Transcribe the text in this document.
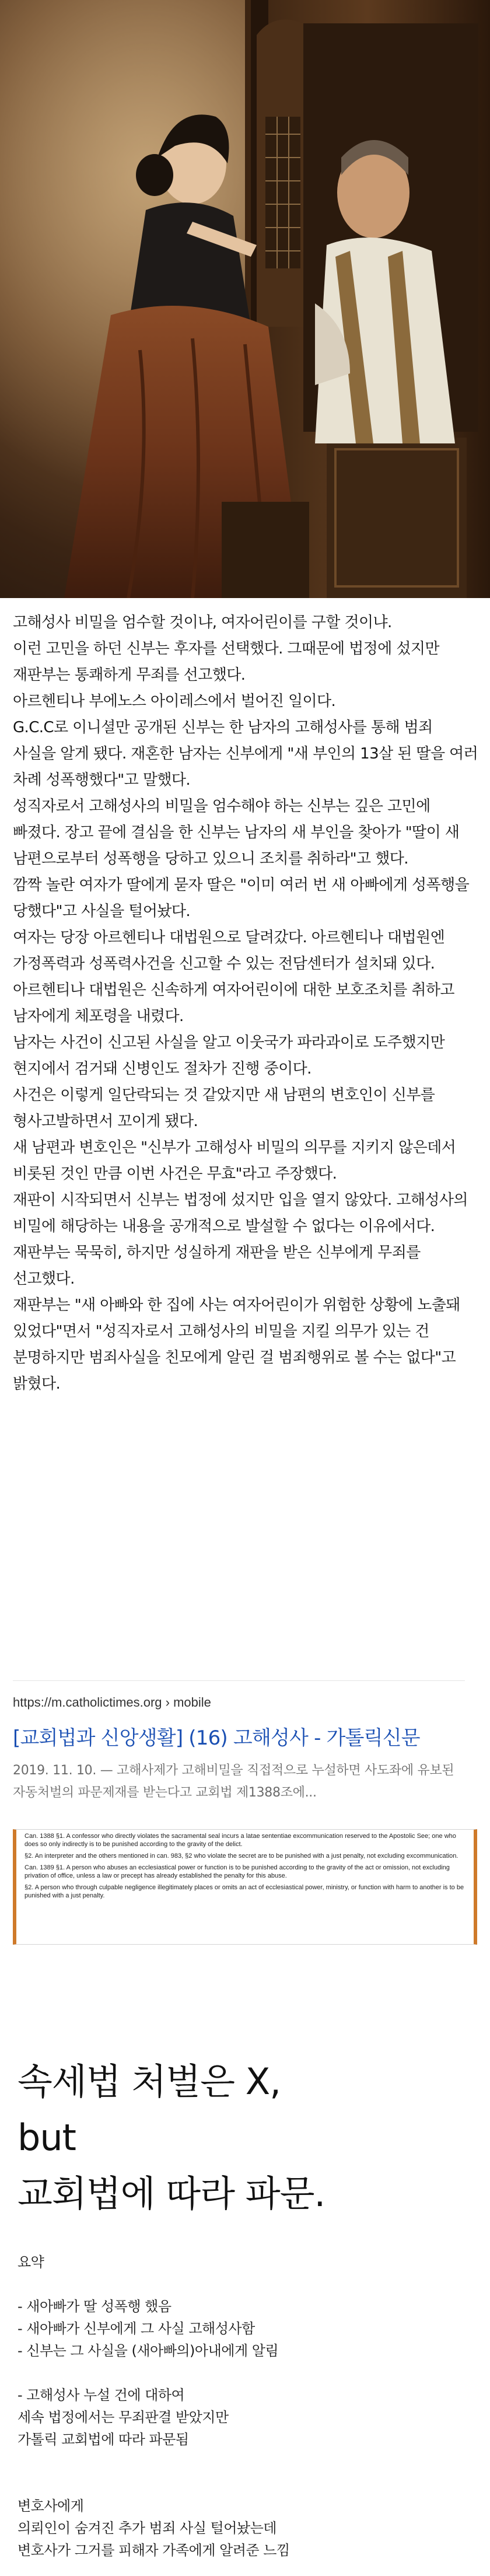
고해성사 비밀을 엄수할 것이냐, 여자어린이를 구할 것이냐.

이런 고민을 하던 신부는 후자를 선택했다. 그때문에 법정에 섰지만 재판부는 통쾌하게 무죄를 선고했다.

아르헨티나 부에노스 아이레스에서 벌어진 일이다.

G.C.C로 이니셜만 공개된 신부는 한 남자의 고해성사를 통해 범죄 사실을 알게 됐다. 재혼한 남자는 신부에게 "새 부인의 13살 된 딸을 여러 차례 성폭행했다"고 말했다.

성직자로서 고해성사의 비밀을 엄수해야 하는 신부는 깊은 고민에 빠졌다. 장고 끝에 결심을 한 신부는 남자의 새 부인을 찾아가 "딸이 새 남편으로부터 성폭행을 당하고 있으니 조치를 취하라"고 했다.

깜짝 놀란 여자가 딸에게 묻자 딸은 "이미 여러 번 새 아빠에게 성폭행을 당했다"고 사실을 털어놨다.

여자는 당장 아르헨티나 대법원으로 달려갔다. 아르헨티나 대법원엔 가정폭력과 성폭력사건을 신고할 수 있는 전담센터가 설치돼 있다.

아르헨티나 대법원은 신속하게 여자어린이에 대한 보호조치를 취하고 남자에게 체포령을 내렸다.

남자는 사건이 신고된 사실을 알고 이웃국가 파라과이로 도주했지만 현지에서 검거돼 신병인도 절차가 진행 중이다.

사건은 이렇게 일단락되는 것 같았지만 새 남편의 변호인이 신부를 형사고발하면서 꼬이게 됐다.

새 남편과 변호인은 "신부가 고해성사 비밀의 의무를 지키지 않은데서 비롯된 것인 만큼 이번 사건은 무효"라고 주장했다.

재판이 시작되면서 신부는 법정에 섰지만 입을 열지 않았다. 고해성사의 비밀에 해당하는 내용을 공개적으로 발설할 수 없다는 이유에서다.

재판부는 묵묵히, 하지만 성실하게 재판을 받은 신부에게 무죄를 선고했다.

재판부는 "새 아빠와 한 집에 사는 여자어린이가 위험한 상황에 노출돼 있었다"면서 "성직자로서 고해성사의 비밀을 지킬 의무가 있는 건 분명하지만 범죄사실을 친모에게 알린 걸 범죄행위로 볼 수는 없다"고 밝혔다.

https://m.catholictimes.org › mobile
[교회법과 신앙생활] (16) 고해성사 - 가톨릭신문
2019. 11. 10. — 고해사제가 고해비밀을 직접적으로 누설하면 사도좌에 유보된 자동처벌의 파문제재를 받는다고 교회법 제1388조에...

Can. 1388 §1. A confessor who directly violates the sacramental seal incurs a latae sententiae excommunication reserved to the Apostolic See; one who does so only indirectly is to be punished according to the gravity of the delict.

§2. An interpreter and the others mentioned in can. 983, §2 who violate the secret are to be punished with a just penalty, not excluding excommunication.

Can. 1389 §1. A person who abuses an ecclesiastical power or function is to be punished according to the gravity of the act or omission, not excluding privation of office, unless a law or precept has already established the penalty for this abuse.

§2. A person who through culpable negligence illegitimately places or omits an act of ecclesiastical power, ministry, or function with harm to another is to be punished with a just penalty.

속세법 처벌은 X,
but
교회법에 따라 파문.
요약
- 새아빠가 딸 성폭행 했음
- 새아빠가 신부에게 그 사실 고해성사함
- 신부는 그 사실을 (새아빠의)아내에게 알림
- 고해성사 누설 건에 대하여
세속 법정에서는 무죄판결 받았지만
가톨릭 교회법에 따라 파문됨
변호사에게
의뢰인이 숨겨진 추가 범죄 사실 털어놨는데
변호사가 그거를 피해자 가족에게 알려준 느낌
